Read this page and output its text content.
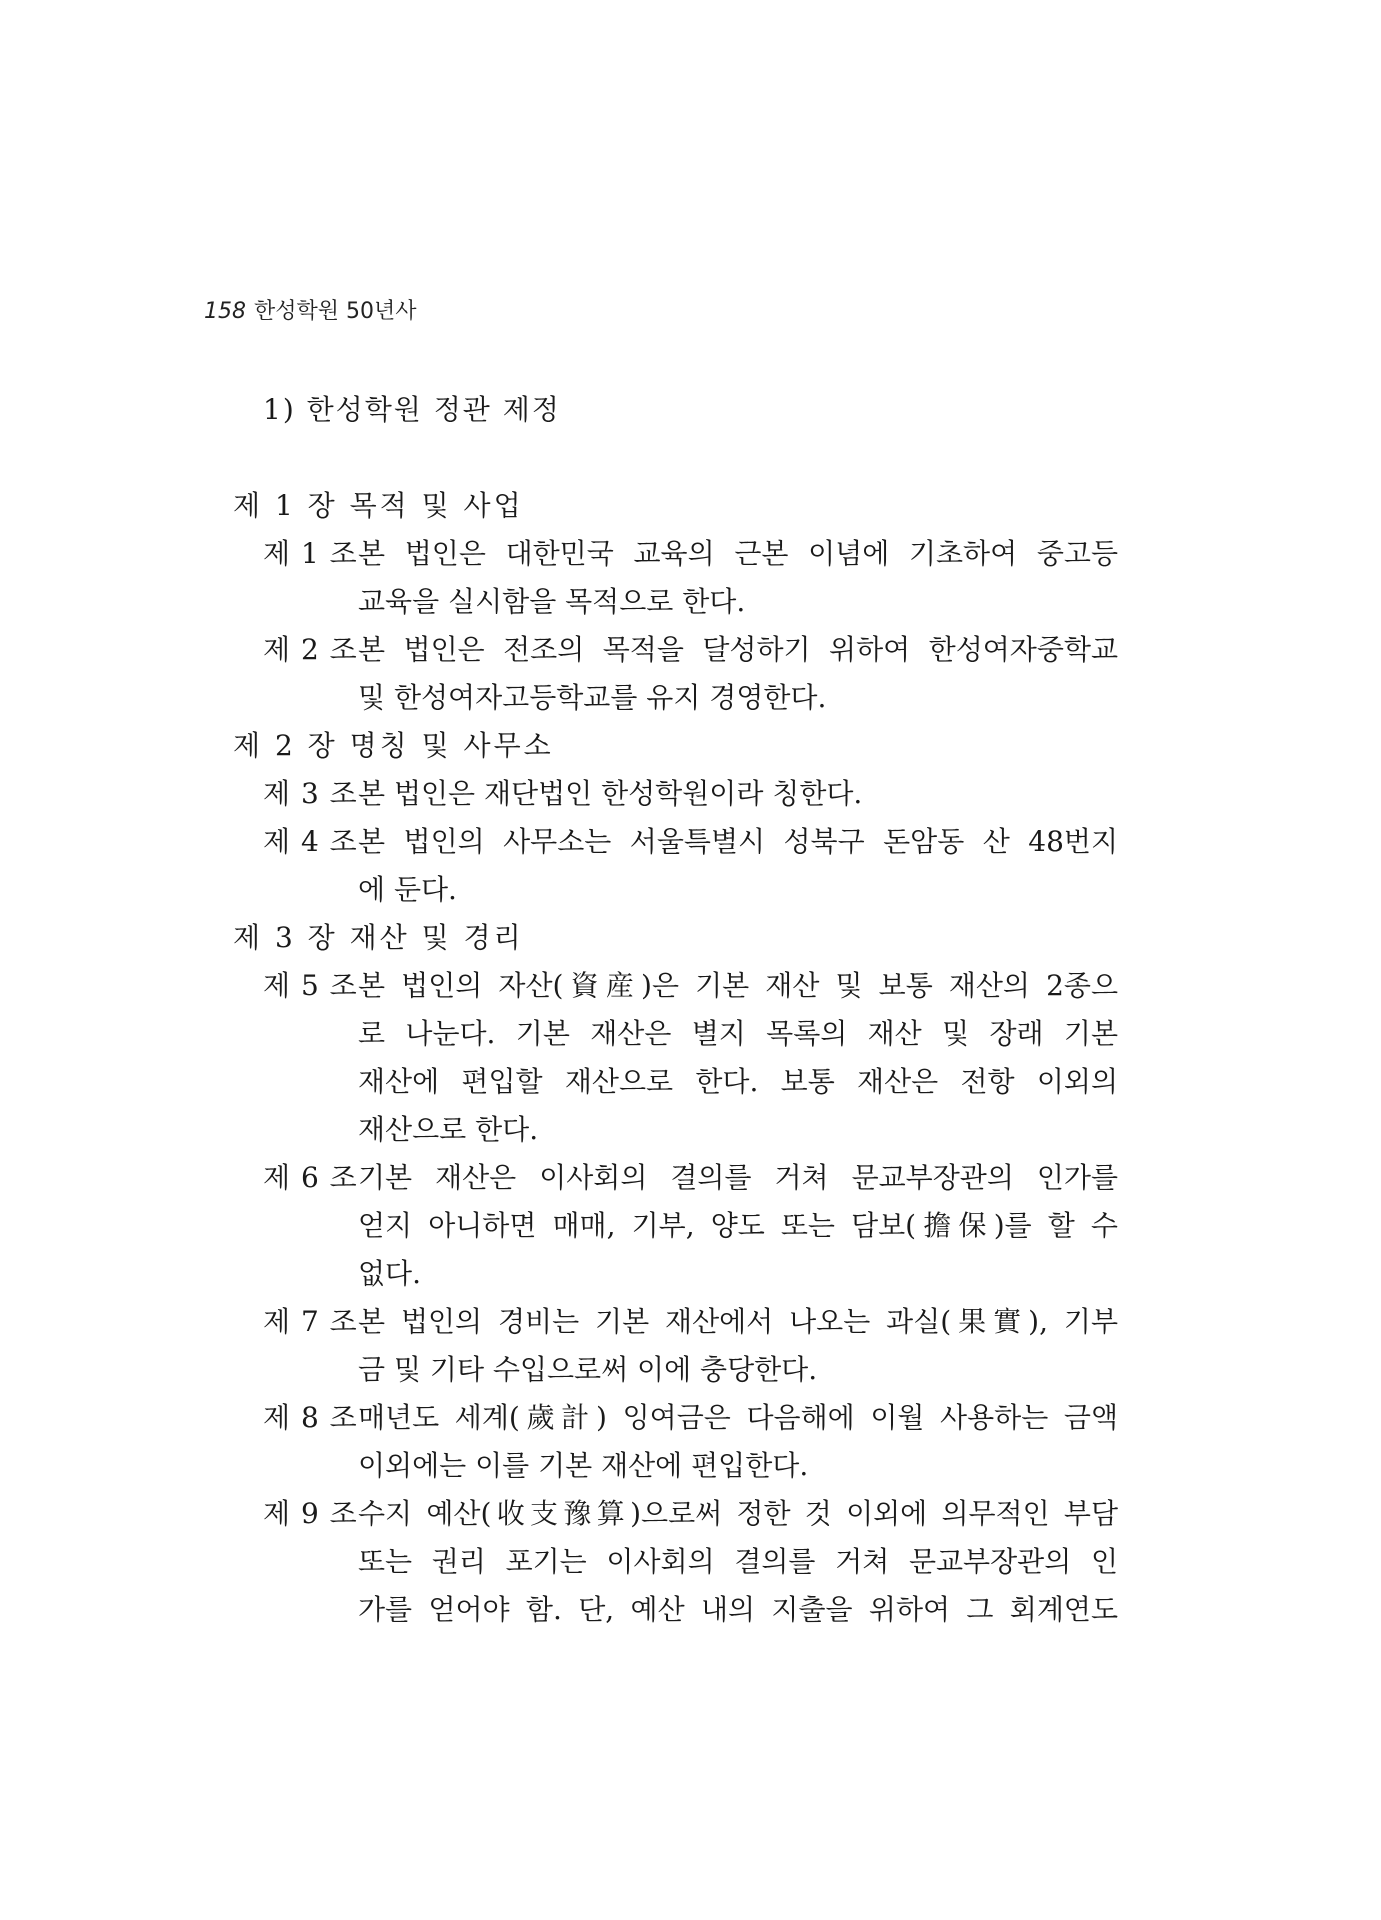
158 한성학원 50년사
1) 한성학원 정관 제정
제 1 장 목적 및 사업
제 1 조 본 법인은 대한민국 교육의 근본 이념에 기초하여 중고등
교육을 실시함을 목적으로 한다.
제 2 조 본 법인은 전조의 목적을 달성하기 위하여 한성여자중학교
및 한성여자고등학교를 유지 경영한다.
제 2 장 명칭 및 사무소
제 3 조 본 법인은 재단법인 한성학원이라 칭한다.
제 4 조 본 법인의 사무소는 서울특별시 성북구 돈암동 산 48번지
에 둔다.
제 3 장 재산 및 경리
제 5 조 본 법인의 자산(資産)은 기본 재산 및 보통 재산의 2종으
로 나눈다. 기본 재산은 별지 목록의 재산 및 장래 기본
재산에 편입할 재산으로 한다. 보통 재산은 전항 이외의
재산으로 한다.
제 6 조 기본 재산은 이사회의 결의를 거쳐 문교부장관의 인가를
얻지 아니하면 매매, 기부, 양도 또는 담보(擔保)를 할 수
없다.
제 7 조 본 법인의 경비는 기본 재산에서 나오는 과실(果實), 기부
금 및 기타 수입으로써 이에 충당한다.
제 8 조 매년도 세계(歲計) 잉여금은 다음해에 이월 사용하는 금액
이외에는 이를 기본 재산에 편입한다.
제 9 조 수지 예산(收支豫算)으로써 정한 것 이외에 의무적인 부담
또는 권리 포기는 이사회의 결의를 거쳐 문교부장관의 인
가를 얻어야 함. 단, 예산 내의 지출을 위하여 그 회계연도
